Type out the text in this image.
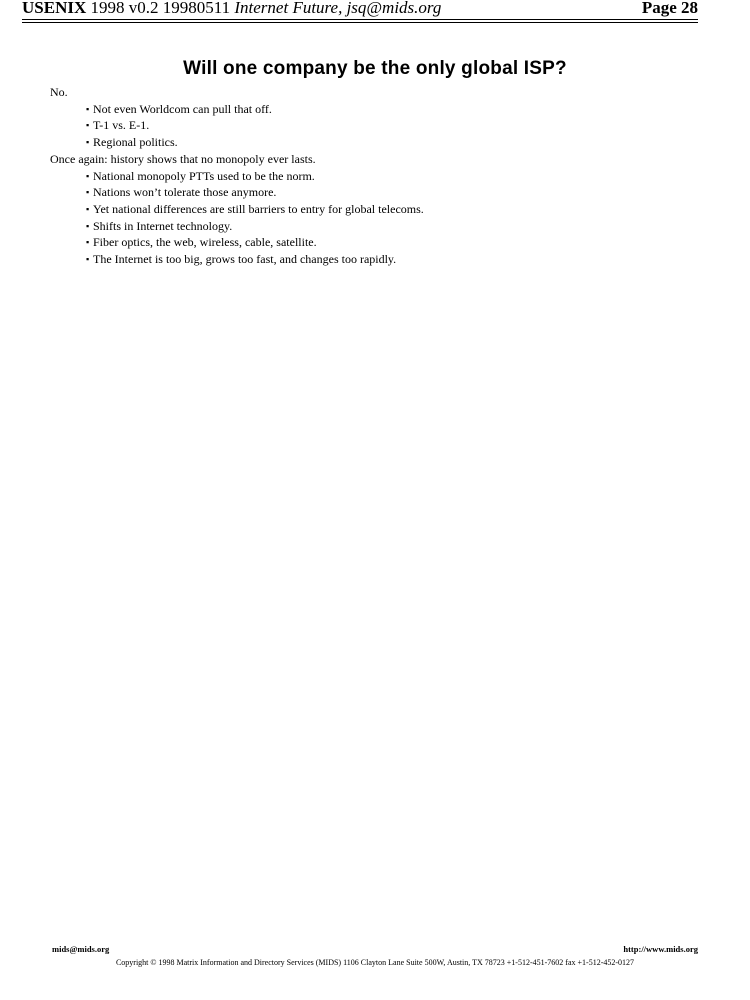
USENIX 1998 v0.2 19980511 Internet Future, jsq@mids.org	Page 28
Will one company be the only global ISP?
No.
▪ Not even Worldcom can pull that off.
▪ T-1 vs. E-1.
▪ Regional politics.
Once again: history shows that no monopoly ever lasts.
▪ National monopoly PTTs used to be the norm.
▪ Nations won’t tolerate those anymore.
▪ Yet national differences are still barriers to entry for global telecoms.
▪ Shifts in Internet technology.
▪ Fiber optics, the web, wireless, cable, satellite.
▪ The Internet is too big, grows too fast, and changes too rapidly.
mids@mids.org	http://www.mids.org
Copyright © 1998 Matrix Information and Directory Services (MIDS) 1106 Clayton Lane Suite 500W, Austin, TX 78723 +1-512-451-7602 fax +1-512-452-0127
